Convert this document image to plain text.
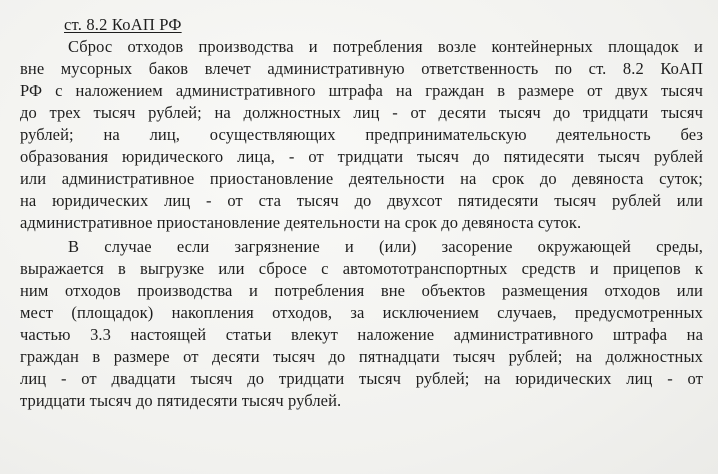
ст. 8.2 КоАП РФ
Сброс отходов производства и потребления возле контейнерных площадок и
вне мусорных баков влечет административную ответственность по ст. 8.2 КоАП
РФ с наложением административного штрафа на граждан в размере от двух тысяч
до трех тысяч рублей; на должностных лиц - от десяти тысяч до тридцати тысяч
рублей; на лиц, осуществляющих предпринимательскую деятельность без
образования юридического лица, - от тридцати тысяч до пятидесяти тысяч рублей
или административное приостановление деятельности на срок до девяноста суток;
на юридических лиц - от ста тысяч до двухсот пятидесяти тысяч рублей или
административное приостановление деятельности на срок до девяноста суток.
В случае если загрязнение и (или) засорение окружающей среды,
выражается в выгрузке или сбросе с автомототранспортных средств и прицепов к
ним отходов производства и потребления вне объектов размещения отходов или
мест (площадок) накопления отходов, за исключением случаев, предусмотренных
частью 3.3 настоящей статьи влекут наложение административного штрафа на
граждан в размере от десяти тысяч до пятнадцати тысяч рублей; на должностных
лиц - от двадцати тысяч до тридцати тысяч рублей; на юридических лиц - от
тридцати тысяч до пятидесяти тысяч рублей.
